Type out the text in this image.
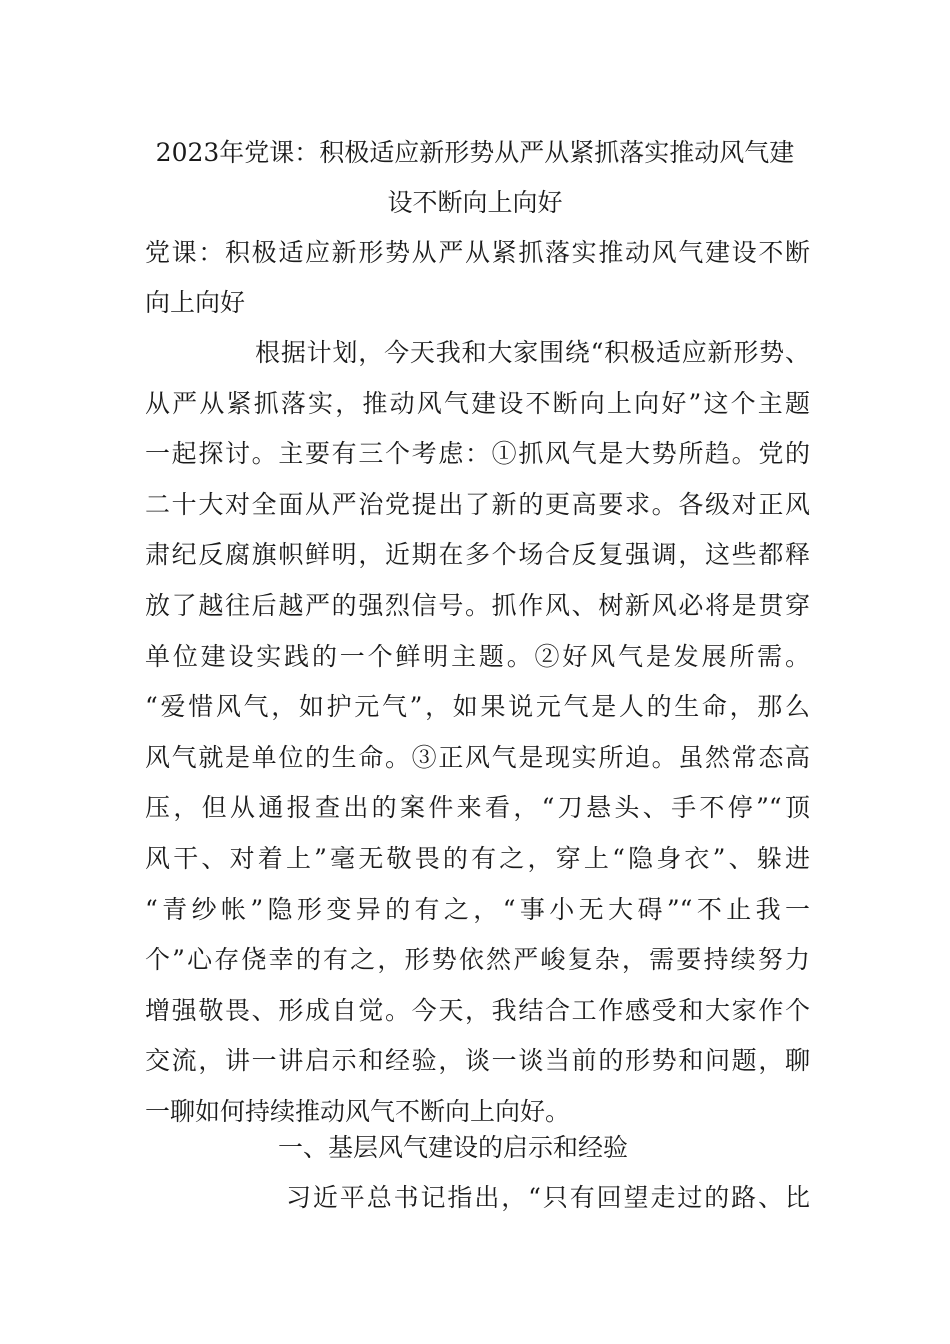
2023年党课：积极适应新形势从严从紧抓落实推动风气建
设不断向上向好
党课：积极适应新形势从严从紧抓落实推动风气建设不断
向上向好
根据计划，今天我和大家围绕“积极适应新形势、
从严从紧抓落实，推动风气建设不断向上向好”这个主题
一起探讨。主要有三个考虑：①抓风气是大势所趋。党的
二十大对全面从严治党提出了新的更高要求。各级对正风
肃纪反腐旗帜鲜明，近期在多个场合反复强调，这些都释
放了越往后越严的强烈信号。抓作风、树新风必将是贯穿
单位建设实践的一个鲜明主题。②好风气是发展所需。
“爱惜风气，如护元气”，如果说元气是人的生命，那么
风气就是单位的生命。③正风气是现实所迫。虽然常态高
压，但从通报查出的案件来看，“刀悬头、手不停”“顶
风干、对着上”毫无敬畏的有之，穿上“隐身衣”、躲进
“青纱帐”隐形变异的有之，“事小无大碍”“不止我一
个”心存侥幸的有之，形势依然严峻复杂，需要持续努力
增强敬畏、形成自觉。今天，我结合工作感受和大家作个
交流，讲一讲启示和经验，谈一谈当前的形势和问题，聊
一聊如何持续推动风气不断向上向好。
一、基层风气建设的启示和经验
习近平总书记指出，“只有回望走过的路、比
